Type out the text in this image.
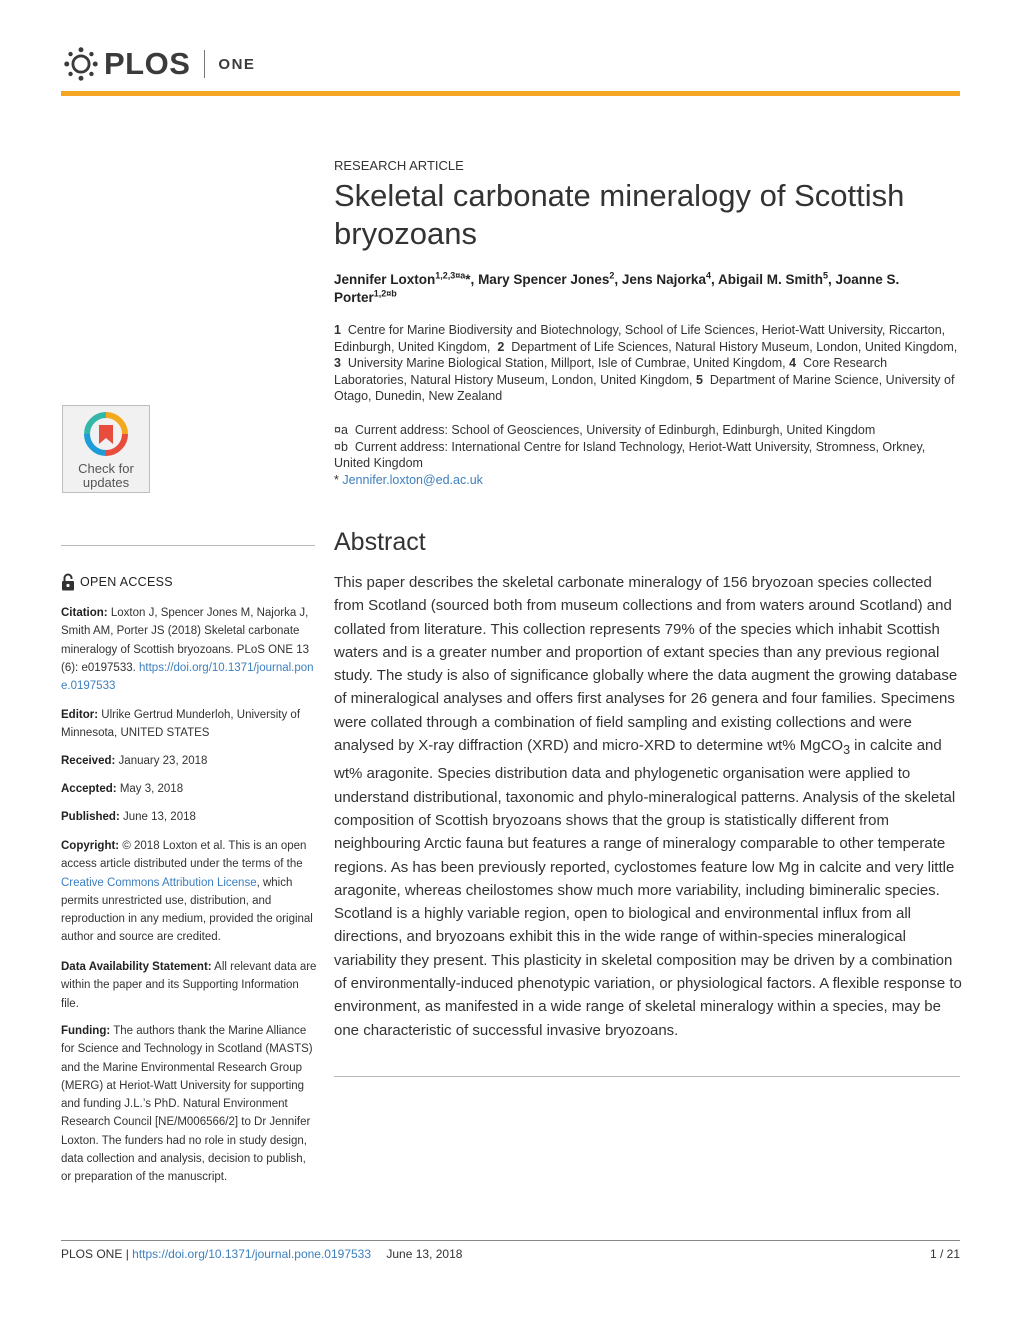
PLOS ONE
RESEARCH ARTICLE
Skeletal carbonate mineralogy of Scottish bryozoans
Jennifer Loxton$^{1,2,3¤a}$*, Mary Spencer Jones$^2$, Jens Najorka$^4$, Abigail M. Smith$^5$, Joanne S. Porter$^{1,2¤b}$
1 Centre for Marine Biodiversity and Biotechnology, School of Life Sciences, Heriot-Watt University, Riccarton, Edinburgh, United Kingdom, 2 Department of Life Sciences, Natural History Museum, London, United Kingdom, 3 University Marine Biological Station, Millport, Isle of Cumbrae, United Kingdom, 4 Core Research Laboratories, Natural History Museum, London, United Kingdom, 5 Department of Marine Science, University of Otago, Dunedin, New Zealand
¤a Current address: School of Geosciences, University of Edinburgh, Edinburgh, United Kingdom
¤b Current address: International Centre for Island Technology, Heriot-Watt University, Stromness, Orkney, United Kingdom
* Jennifer.loxton@ed.ac.uk
Check for
updates
OPEN ACCESS
Citation: Loxton J, Spencer Jones M, Najorka J, Smith AM, Porter JS (2018) Skeletal carbonate mineralogy of Scottish bryozoans. PLoS ONE 13 (6): e0197533. https://doi.org/10.1371/journal.pone.0197533
Editor: Ulrike Gertrud Munderloh, University of Minnesota, UNITED STATES
Received: January 23, 2018
Accepted: May 3, 2018
Published: June 13, 2018
Copyright: © 2018 Loxton et al. This is an open access article distributed under the terms of the Creative Commons Attribution License, which permits unrestricted use, distribution, and reproduction in any medium, provided the original author and source are credited.
Data Availability Statement: All relevant data are within the paper and its Supporting Information file.
Funding: The authors thank the Marine Alliance for Science and Technology in Scotland (MASTS) and the Marine Environmental Research Group (MERG) at Heriot-Watt University for supporting and funding J.L.’s PhD. Natural Environment Research Council [NE/M006566/2] to Dr Jennifer Loxton. The funders had no role in study design, data collection and analysis, decision to publish, or preparation of the manuscript.
Abstract
This paper describes the skeletal carbonate mineralogy of 156 bryozoan species collected from Scotland (sourced both from museum collections and from waters around Scotland) and collated from literature. This collection represents 79% of the species which inhabit Scottish waters and is a greater number and proportion of extant species than any previous regional study. The study is also of significance globally where the data augment the growing database of mineralogical analyses and offers first analyses for 26 genera and four families. Specimens were collated through a combination of field sampling and existing collections and were analysed by X-ray diffraction (XRD) and micro-XRD to determine wt% MgCO$_3$ in calcite and wt% aragonite. Species distribution data and phylogenetic organisation were applied to understand distributional, taxonomic and phylo-mineralogical patterns. Analysis of the skeletal composition of Scottish bryozoans shows that the group is statistically different from neighbouring Arctic fauna but features a range of mineralogy comparable to other temperate regions. As has been previously reported, cyclostomes feature low Mg in calcite and very little aragonite, whereas cheilostomes show much more variability, including bimineralic species. Scotland is a highly variable region, open to biological and environmental influx from all directions, and bryozoans exhibit this in the wide range of within-species mineralogical variability they present. This plasticity in skeletal composition may be driven by a combination of environmentally-induced phenotypic variation, or physiological factors. A flexible response to environment, as manifested in a wide range of skeletal mineralogy within a species, may be one characteristic of successful invasive bryozoans.
PLOS ONE | https://doi.org/10.1371/journal.pone.0197533 June 13, 2018	1 / 21
